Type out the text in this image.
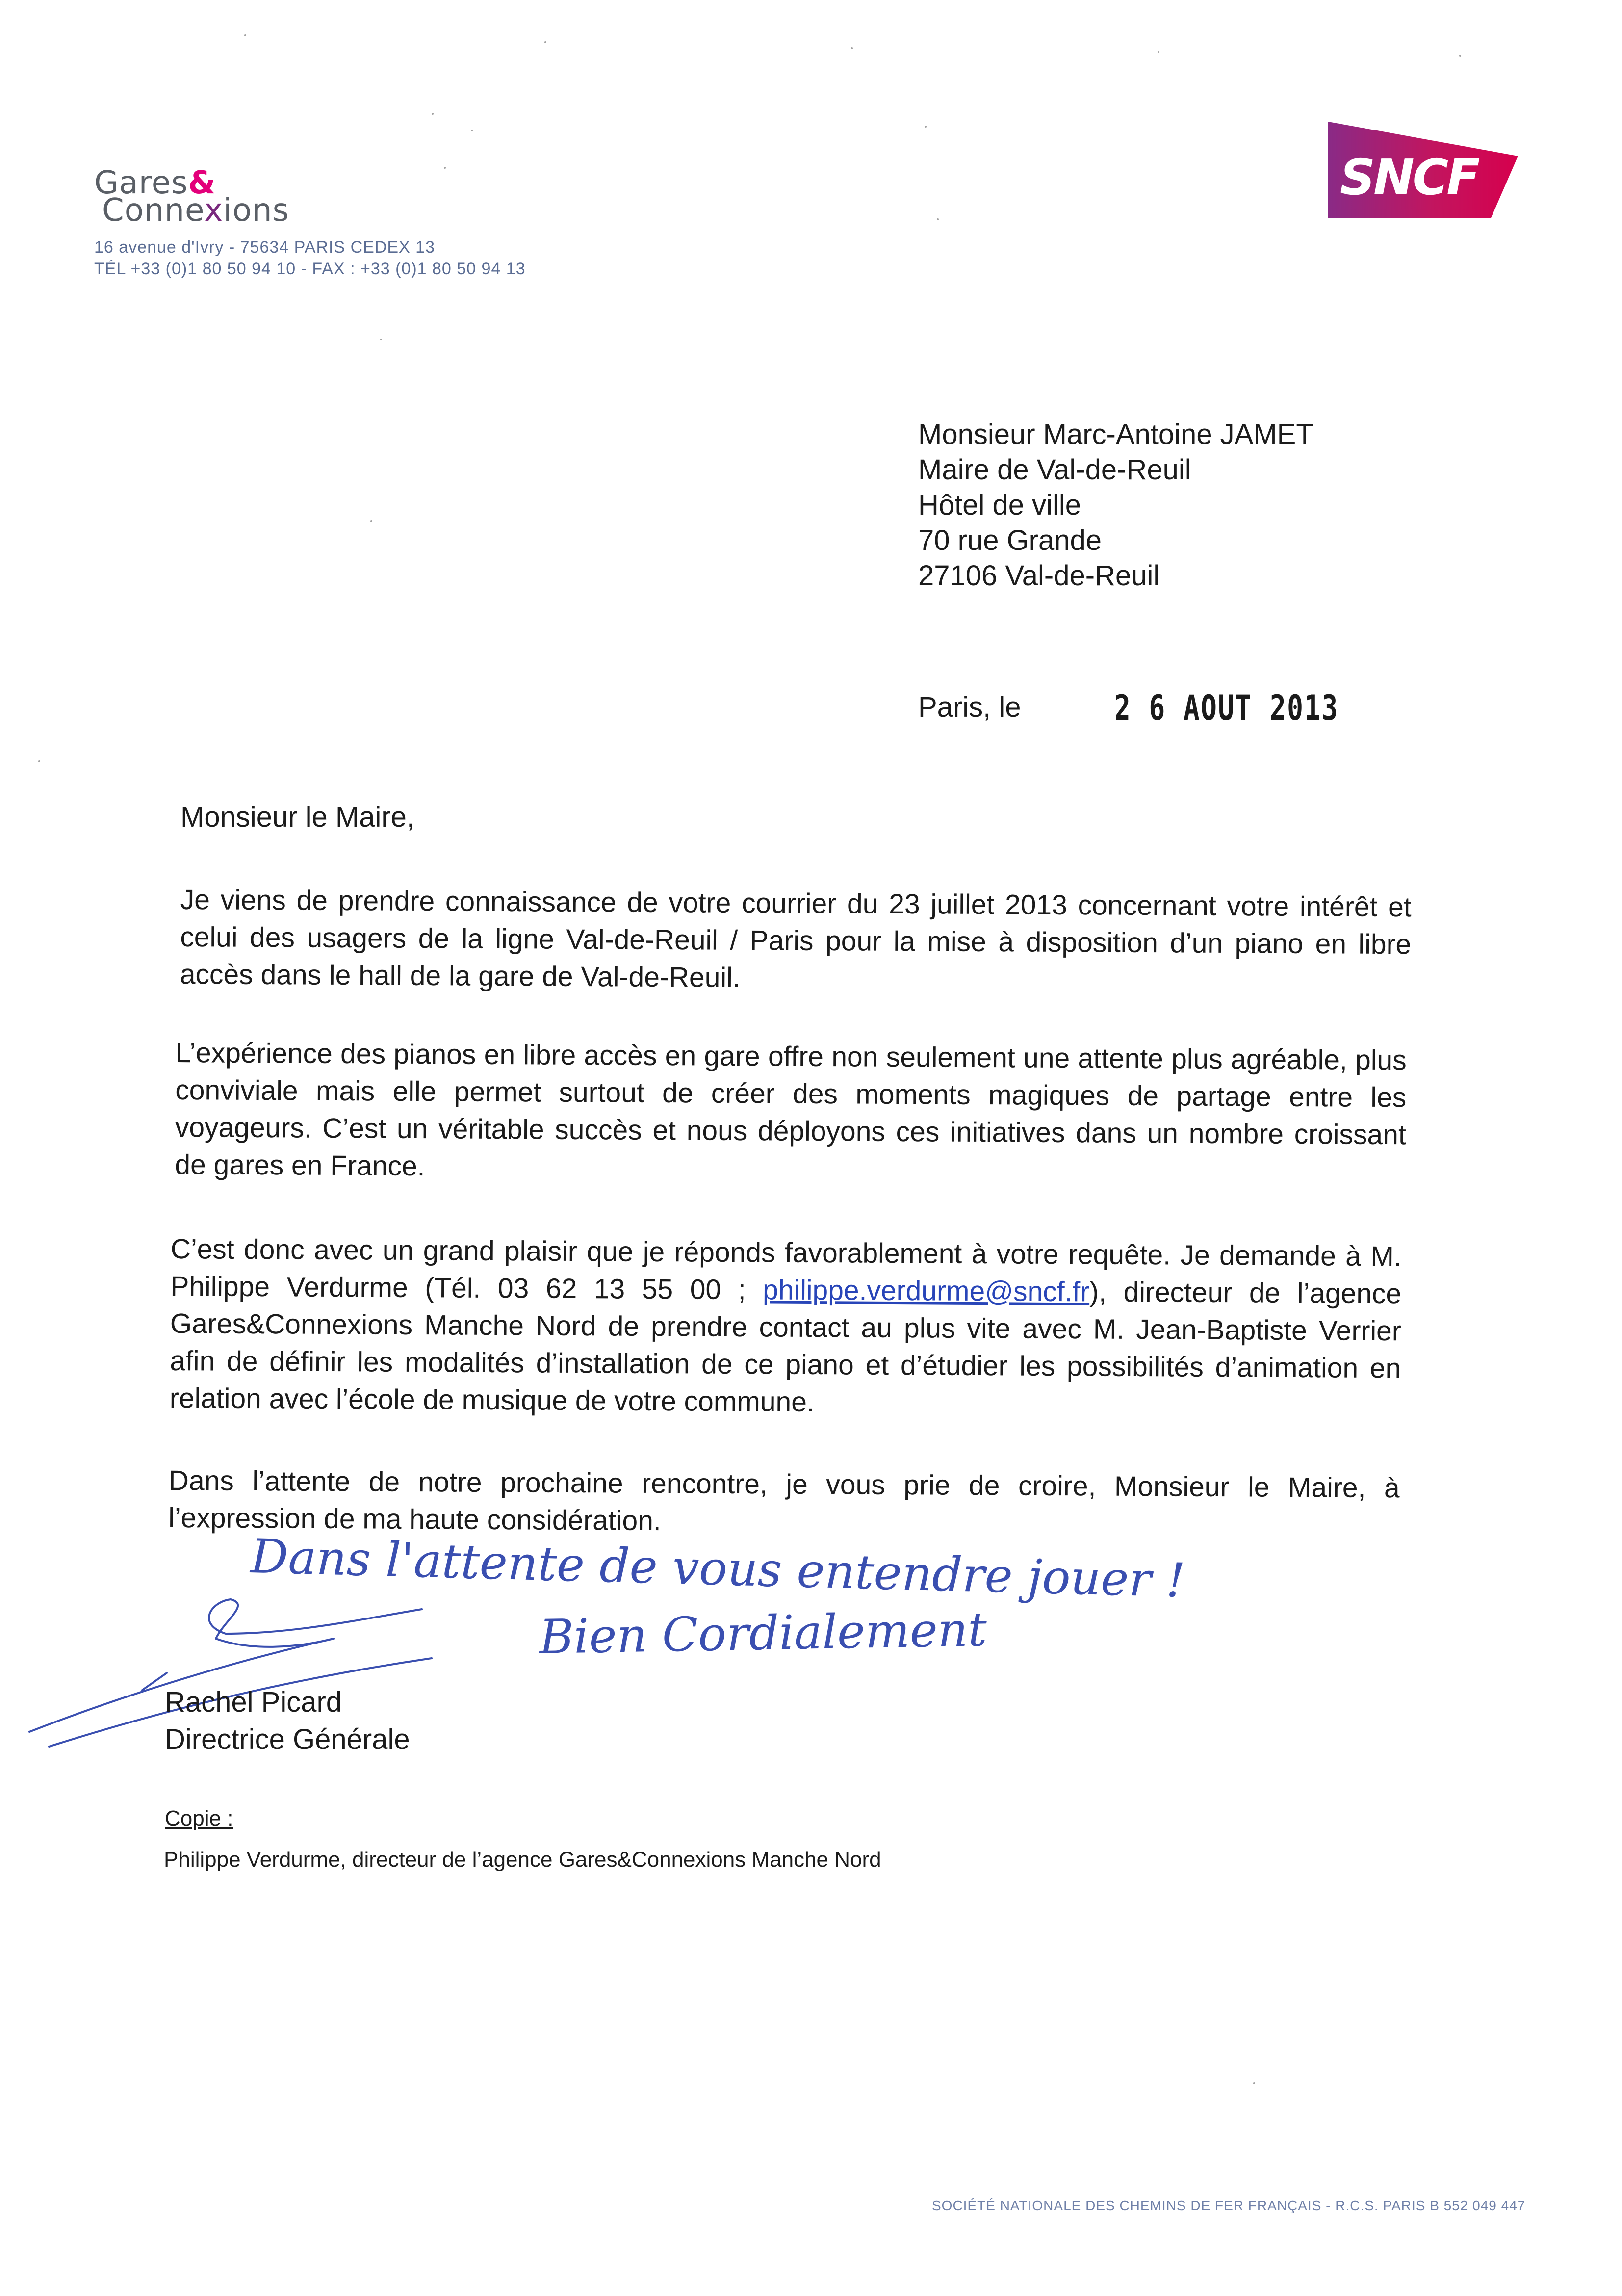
Gares&
Connexions
16 avenue d'Ivry - 75634 PARIS CEDEX 13
TÉL +33 (0)1 80 50 94 10 - FAX : +33 (0)1 80 50 94 13
SNCF
Monsieur Marc-Antoine JAMET
Maire de Val-de-Reuil
Hôtel de ville
70 rue Grande
27106 Val-de-Reuil
Paris, le	2 6 AOUT 2013
Monsieur le Maire,
Je viens de prendre connaissance de votre courrier du 23 juillet 2013 concernant votre intérêt et celui des usagers de la ligne Val-de-Reuil / Paris pour la mise à disposition d’un piano en libre accès dans le hall de la gare de Val-de-Reuil.
L’expérience des pianos en libre accès en gare offre non seulement une attente plus agréable, plus conviviale mais elle permet surtout de créer des moments magiques de partage entre les voyageurs. C’est un véritable succès et nous déployons ces initiatives dans un nombre croissant de gares en France.
C’est donc avec un grand plaisir que je réponds favorablement à votre requête. Je demande à M. Philippe Verdurme (Tél. 03 62 13 55 00 ; philippe.verdurme@sncf.fr), directeur de l’agence Gares&Connexions Manche Nord de prendre contact au plus vite avec M. Jean-Baptiste Verrier afin de définir les modalités d’installation de ce piano et d’étudier les possibilités d’animation en relation avec l’école de musique de votre commune.
Dans l’attente de notre prochaine rencontre, je vous prie de croire, Monsieur le Maire, à l’expression de ma haute considération.
Dans l'attente de vous entendre jouer !
Bien Cordialement
Rachel Picard
Directrice Générale
Copie :
Philippe Verdurme, directeur de l’agence Gares&Connexions Manche Nord
SOCIÉTÉ NATIONALE DES CHEMINS DE FER FRANÇAIS - R.C.S. PARIS B 552 049 447
